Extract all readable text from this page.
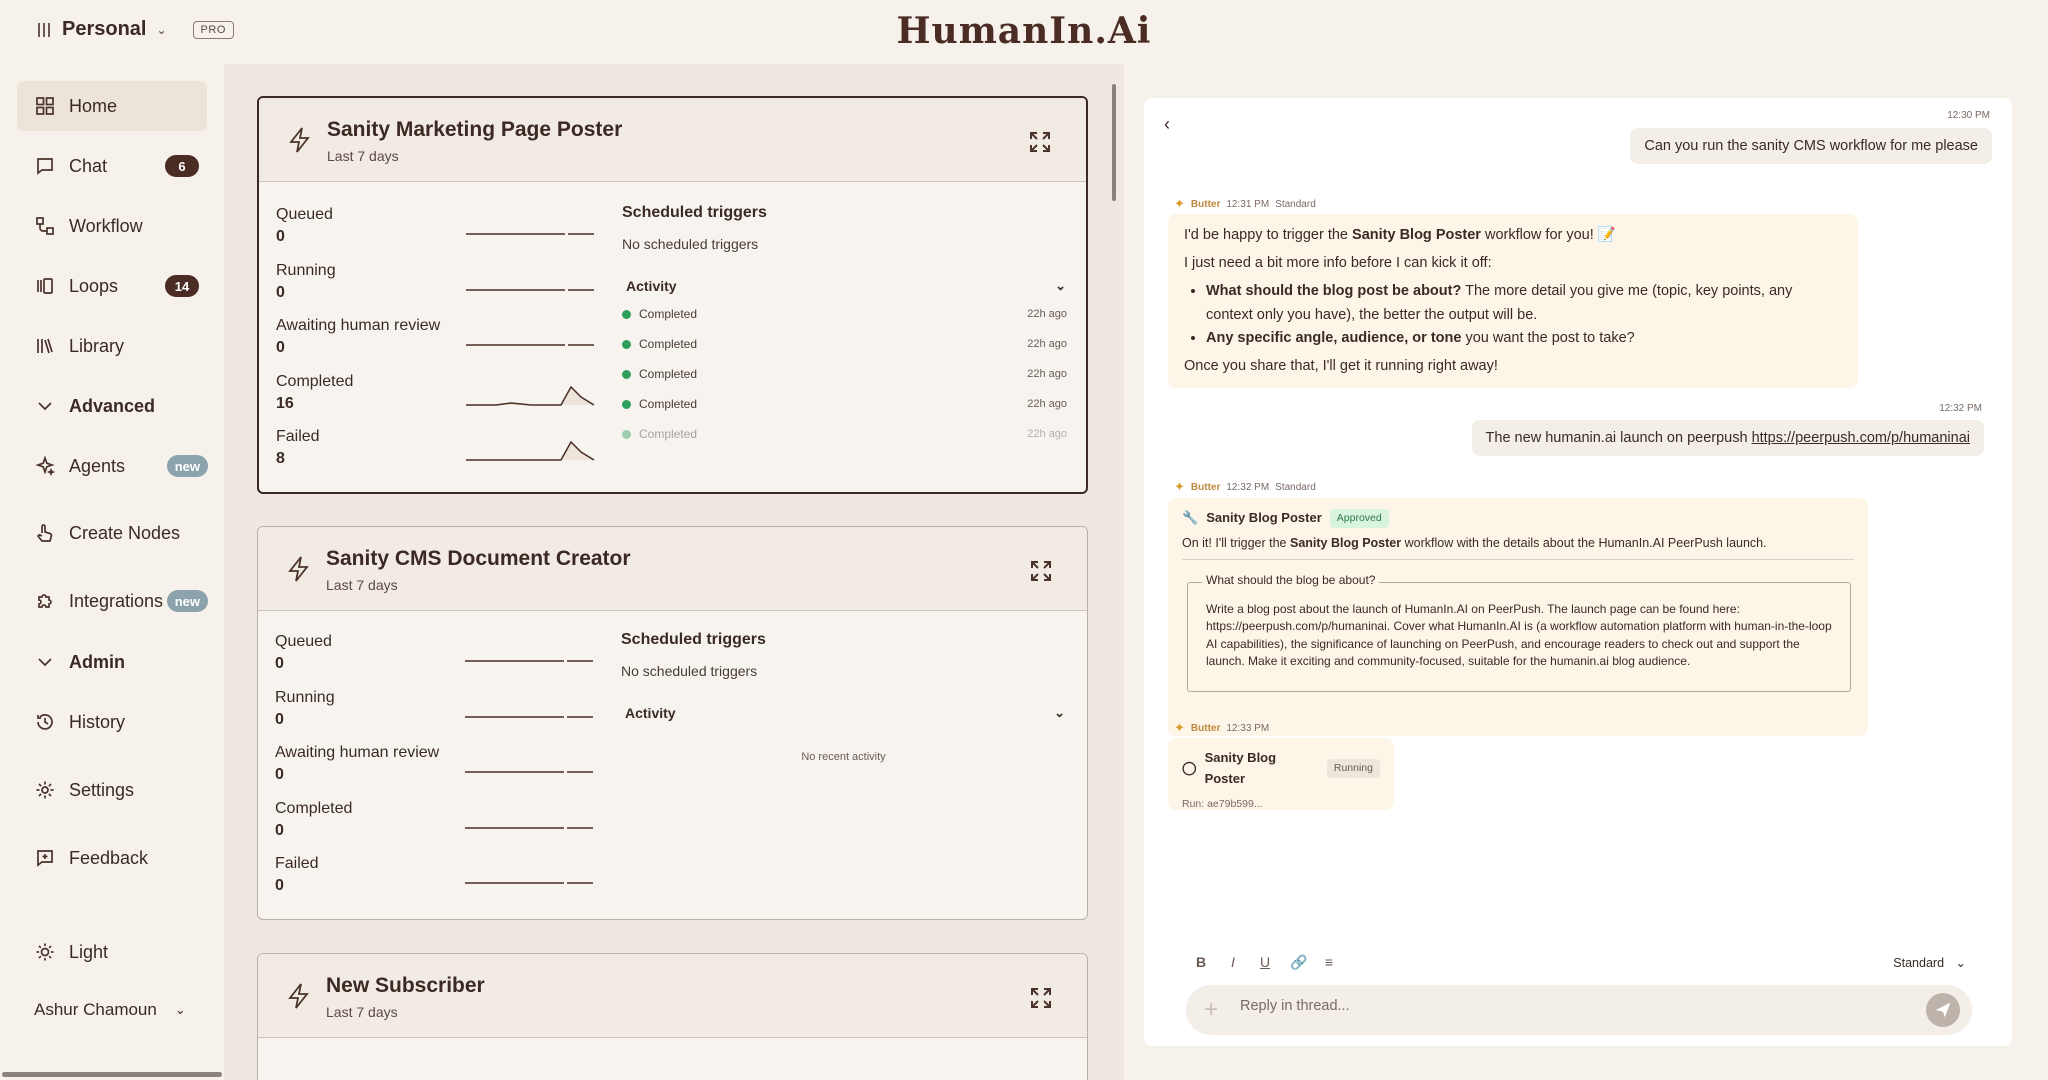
Personal ⌄	PRO	HumanIn.Ai
Home
Chat	6
Workflow
Loops	14
Library
Advanced
Agents	new
Create Nodes
Integrations new
Admin
History
Settings
Feedback
Light
Ashur Chamoun ⌄
Sanity Marketing Page Poster
Last 7 days
Queued
0
Running
0
Awaiting human review
0
Completed
16
Failed
8
Scheduled triggers
No scheduled triggers
Activity	⌄
Completed	22h ago
Completed	22h ago
Completed	22h ago
Completed	22h ago
Completed	22h ago
Sanity CMS Document Creator
Last 7 days
Queued
0
Running
0
Awaiting human review
0
Completed
0
Failed
0
Scheduled triggers
No scheduled triggers
Activity	⌄
No recent activity
New Subscriber
Last 7 days
‹	12:30 PM
Can you run the sanity CMS workflow for me please
✦ Butter 12:31 PM Standard
I'd be happy to trigger the Sanity Blog Poster workflow for you! 📝
I just need a bit more info before I can kick it off:
• What should the blog post be about? The more detail you give me (topic, key points, any context only you have), the better the output will be.
• Any specific angle, audience, or tone you want the post to take?
Once you share that, I'll get it running right away!
12:32 PM
The new humanin.ai launch on peerpush https://peerpush.com/p/humaninai
✦ Butter 12:32 PM Standard
🔧 Sanity Blog Poster	Approved
On it! I'll trigger the Sanity Blog Poster workflow with the details about the HumanIn.AI PeerPush launch.
What should the blog be about?
Write a blog post about the launch of HumanIn.AI on PeerPush. The launch page can be found here: https://peerpush.com/p/humaninai. Cover what HumanIn.AI is (a workflow automation platform with human-in-the-loop AI capabilities), the significance of launching on PeerPush, and encourage readers to check out and support the launch. Make it exciting and community-focused, suitable for the humanin.ai blog audience.
✦ Butter 12:33 PM
◯
Sanity Blog Poster
Running
Run: ae79b599...
B	I	U 🔗 ≡	Standard ⌄
+
Reply in thread...
